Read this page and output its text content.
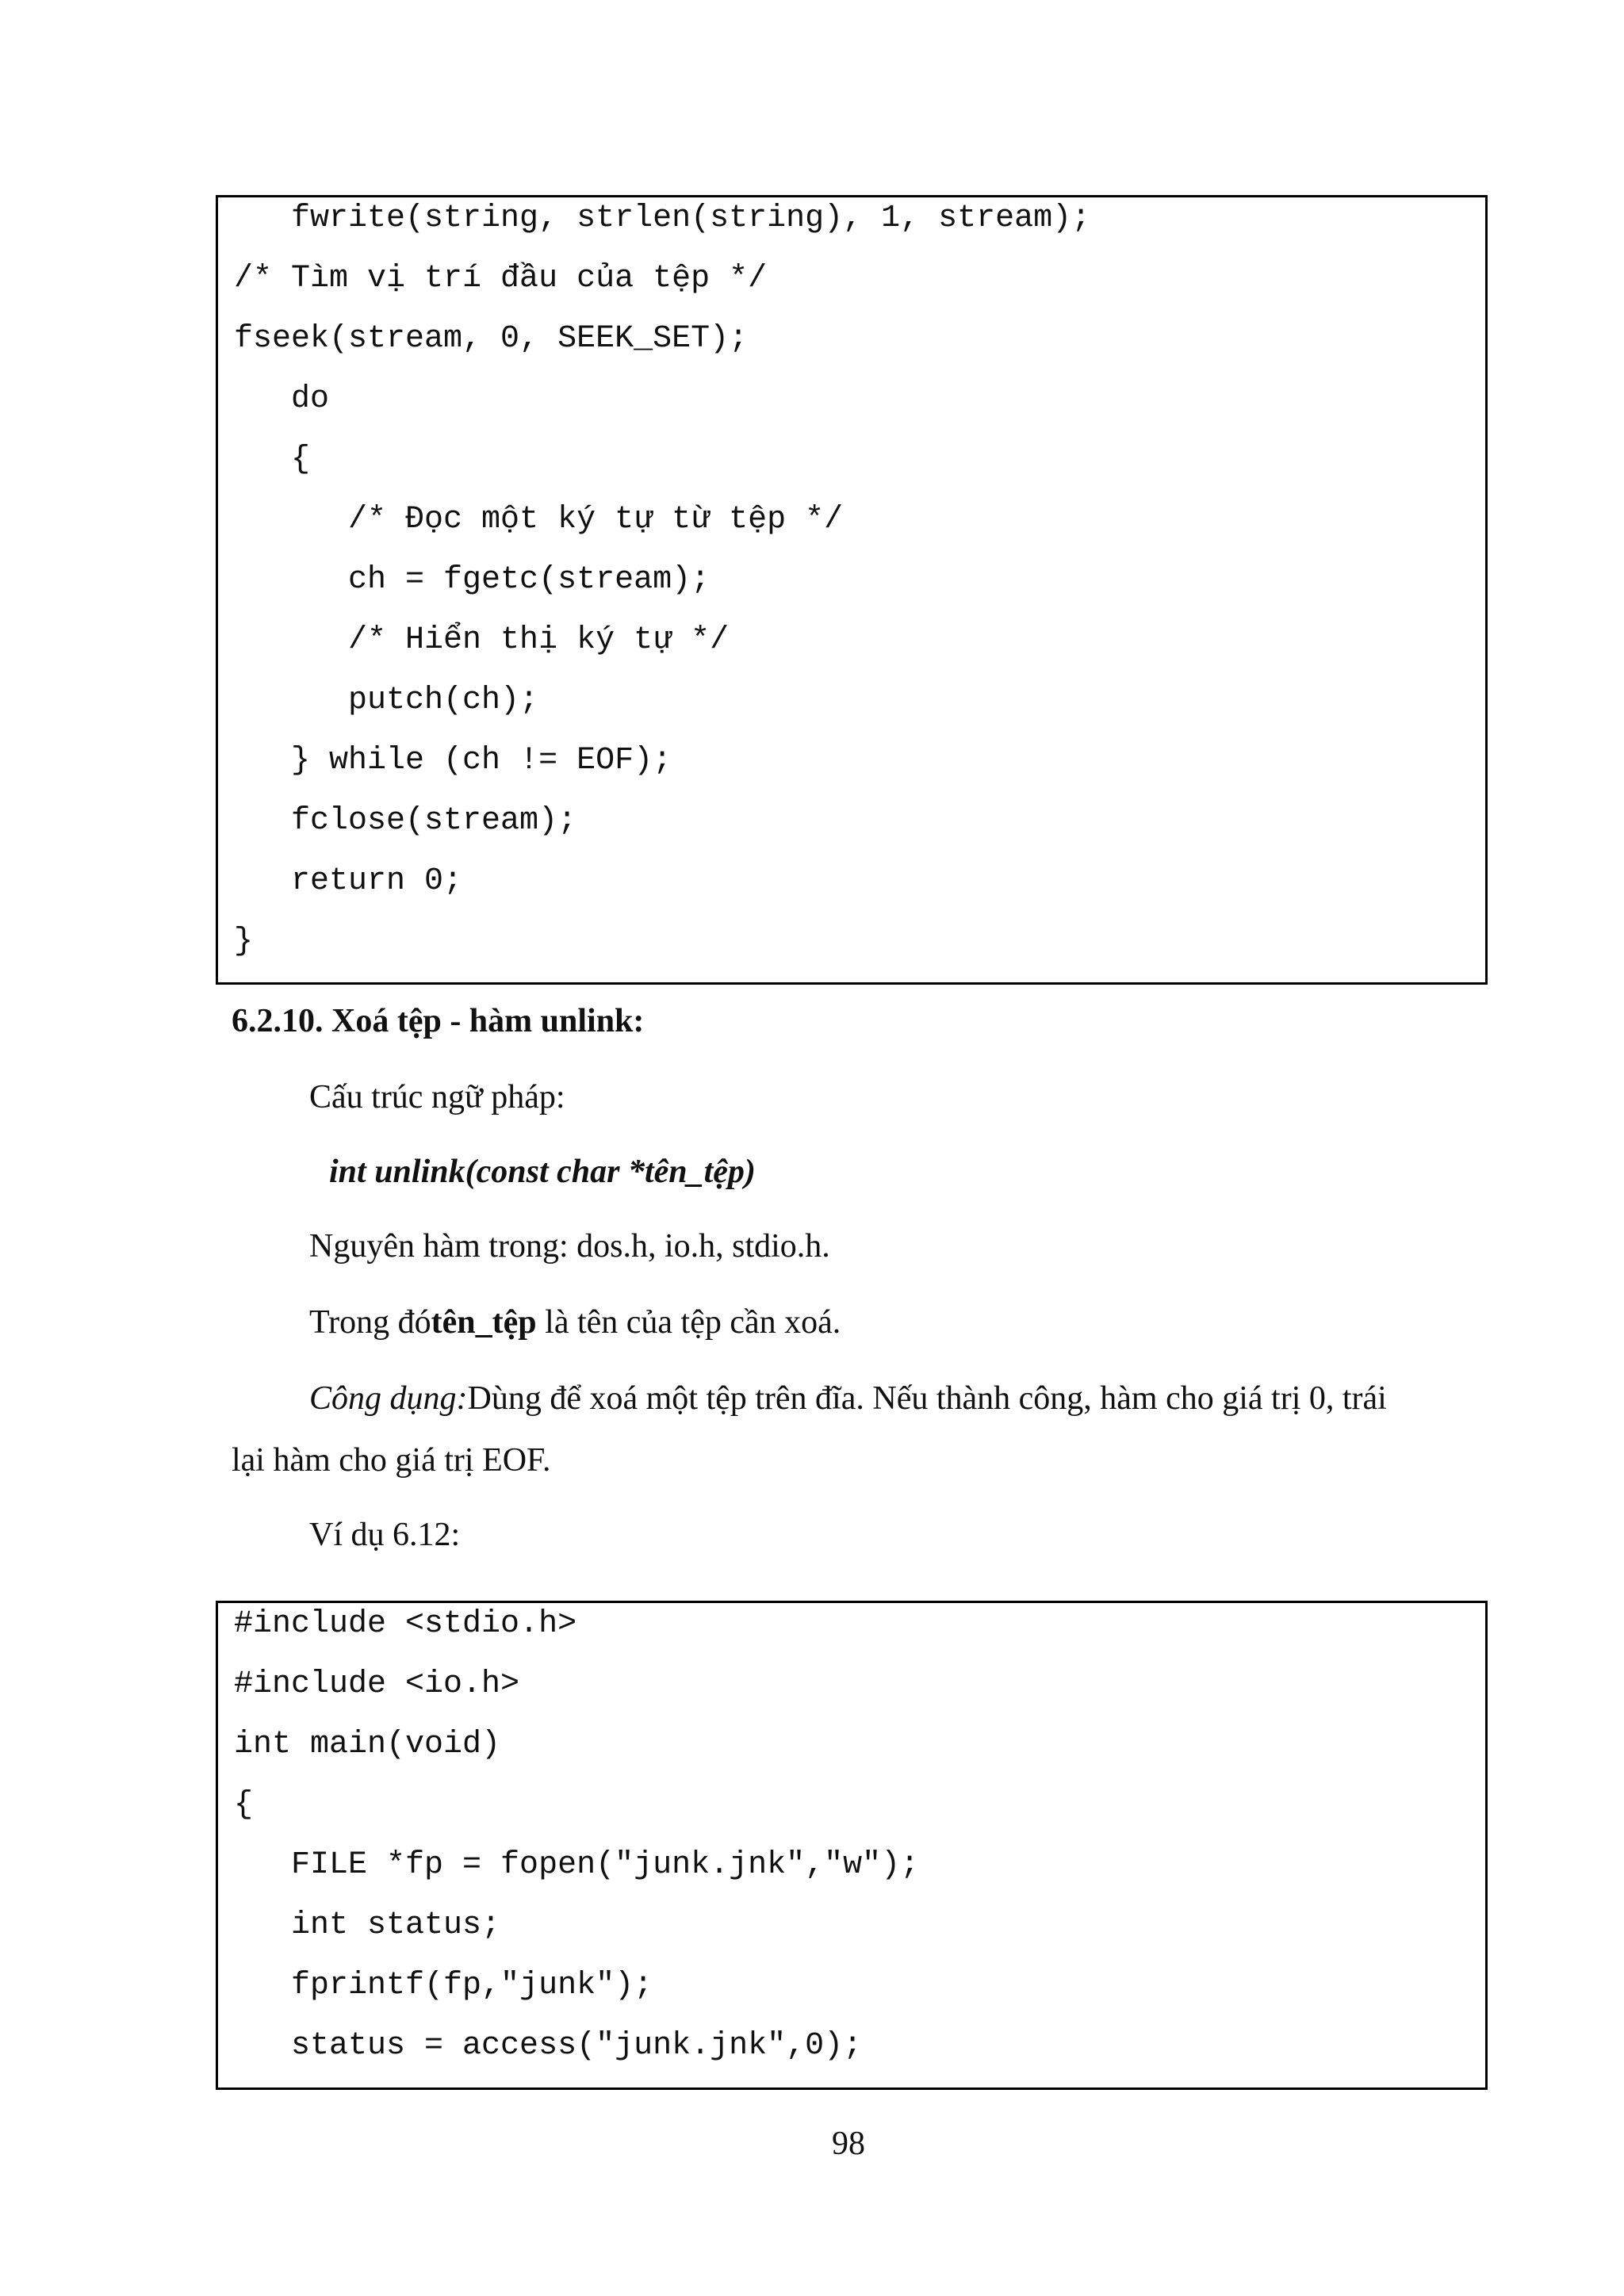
fwrite(string, strlen(string), 1, stream);
/* Tìm vị trí đầu của tệp */
fseek(stream, 0, SEEK_SET);
do
{
/* Đọc một ký tự từ tệp */
ch = fgetc(stream);
/* Hiển thị ký tự */
putch(ch);
} while (ch != EOF);
fclose(stream);
return 0;
}
6.2.10. Xoá tệp - hàm unlink:
Cấu trúc ngữ pháp:
int unlink(const char *tên_tệp)
Nguyên hàm trong: dos.h, io.h, stdio.h.
Trong đótên_tệp là tên của tệp cần xoá.
Công dụng:Dùng để xoá một tệp trên đĩa. Nếu thành công, hàm cho giá trị 0, trái
lại hàm cho giá trị EOF.
Ví dụ 6.12:
#include <stdio.h>
#include <io.h>
int main(void)
{
FILE *fp = fopen("junk.jnk","w");
int status;
fprintf(fp,"junk");
status = access("junk.jnk",0);
98
